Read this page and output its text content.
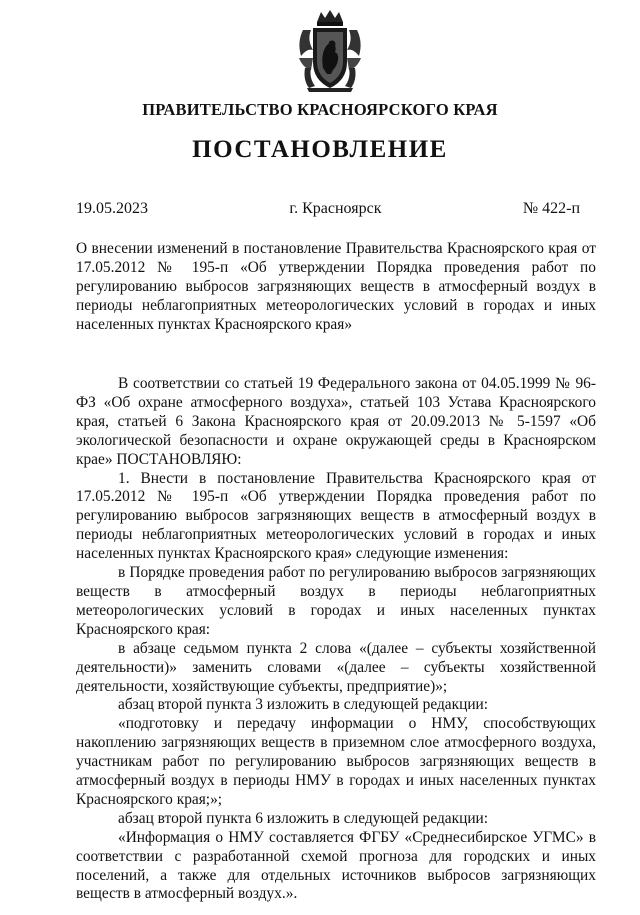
ПРАВИТЕЛЬСТВО КРАСНОЯРСКОГО КРАЯ
ПОСТАНОВЛЕНИЕ
19.05.2023	г. Красноярск	№ 422-п
О внесении изменений в постановление Правительства Красноярского края от 17.05.2012 № 195-п «Об утверждении Порядка проведения работ по регулированию выбросов загрязняющих веществ в атмосферный воздух в периоды неблагоприятных метеорологических условий в городах и иных населенных пунктах Красноярского края»

В соответствии со статьей 19 Федерального закона от 04.05.1999 № 96-ФЗ «Об охране атмосферного воздуха», статьей 103 Устава Красноярского края, статьей 6 Закона Красноярского края от 20.09.2013 № 5-1597 «Об экологической безопасности и охране окружающей среды в Красноярском крае» ПОСТАНОВЛЯЮ:

1. Внести в постановление Правительства Красноярского края от 17.05.2012 № 195-п «Об утверждении Порядка проведения работ по регулированию выбросов загрязняющих веществ в атмосферный воздух в периоды неблагоприятных метеорологических условий в городах и иных населенных пунктах Красноярского края» следующие изменения:

в Порядке проведения работ по регулированию выбросов загрязняющих веществ в атмосферный воздух в периоды неблагоприятных метеорологических условий в городах и иных населенных пунктах Красноярского края:

в абзаце седьмом пункта 2 слова «(далее – субъекты хозяйственной деятельности)» заменить словами «(далее – субъекты хозяйственной деятельности, хозяйствующие субъекты, предприятие)»;

абзац второй пункта 3 изложить в следующей редакции:

«подготовку и передачу информации о НМУ, способствующих накоплению загрязняющих веществ в приземном слое атмосферного воздуха, участникам работ по регулированию выбросов загрязняющих веществ в атмосферный воздух в периоды НМУ в городах и иных населенных пунктах Красноярского края;»;

абзац второй пункта 6 изложить в следующей редакции:

«Информация о НМУ составляется ФГБУ «Среднесибирское УГМС» в соответствии с разработанной схемой прогноза для городских и иных поселений, а также для отдельных источников выбросов загрязняющих веществ в атмосферный воздух.».
